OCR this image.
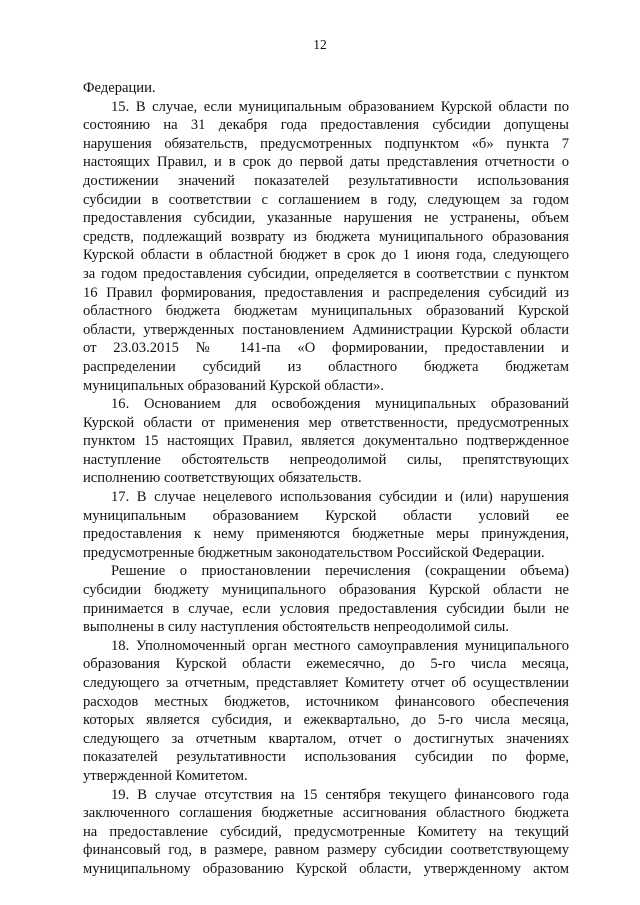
12
Федерации.
15. В случае, если муниципальным образованием Курской области по
состоянию на 31 декабря года предоставления субсидии допущены
нарушения обязательств, предусмотренных подпунктом «б» пункта 7
настоящих Правил, и в срок до первой даты представления отчетности о
достижении значений показателей результативности использования
субсидии в соответствии с соглашением в году, следующем за годом
предоставления субсидии, указанные нарушения не устранены, объем
средств, подлежащий возврату из бюджета муниципального образования
Курской области в областной бюджет в срок до 1 июня года, следующего
за годом предоставления субсидии, определяется в соответствии с пунктом
16 Правил формирования, предоставления и распределения субсидий из
областного бюджета бюджетам муниципальных образований Курской
области, утвержденных постановлением Администрации Курской области
от 23.03.2015 № 141-па «О формировании, предоставлении и
распределении субсидий из областного бюджета бюджетам
муниципальных образований Курской области».
16. Основанием для освобождения муниципальных образований
Курской области от применения мер ответственности, предусмотренных
пунктом 15 настоящих Правил, является документально подтвержденное
наступление обстоятельств непреодолимой силы, препятствующих
исполнению соответствующих обязательств.
17. В случае нецелевого использования субсидии и (или) нарушения
муниципальным образованием Курской области условий ее
предоставления к нему применяются бюджетные меры принуждения,
предусмотренные бюджетным законодательством Российской Федерации.
Решение о приостановлении перечисления (сокращении объема)
субсидии бюджету муниципального образования Курской области не
принимается в случае, если условия предоставления субсидии были не
выполнены в силу наступления обстоятельств непреодолимой силы.
18. Уполномоченный орган местного самоуправления муниципального
образования Курской области ежемесячно, до 5-го числа месяца,
следующего за отчетным, представляет Комитету отчет об осуществлении
расходов местных бюджетов, источником финансового обеспечения
которых является субсидия, и ежеквартально, до 5-го числа месяца,
следующего за отчетным кварталом, отчет о достигнутых значениях
показателей результативности использования субсидии по форме,
утвержденной Комитетом.
19. В случае отсутствия на 15 сентября текущего финансового года
заключенного соглашения бюджетные ассигнования областного бюджета
на предоставление субсидий, предусмотренные Комитету на текущий
финансовый год, в размере, равном размеру субсидии соответствующему
муниципальному образованию Курской области, утвержденному актом
